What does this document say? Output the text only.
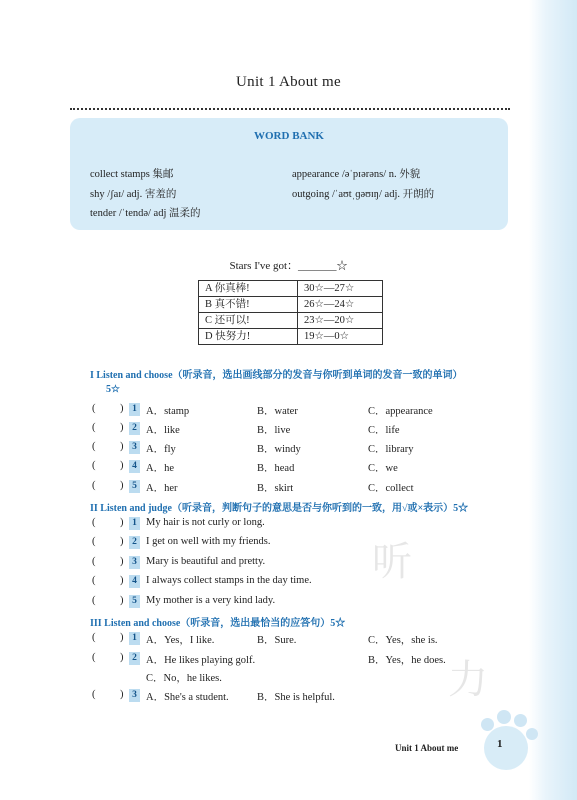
听
力
Unit 1 About me
WORD BANK
collect stamps 集邮	appearance /əˈpɪərəns/ n. 外貌
shy /ʃaɪ/ adj. 害羞的	outgoing /ˈaʊtˌɡəʊɪŋ/ adj. 开朗的
tender /ˈtendə/ adj 温柔的
Stars I've got：_______☆
A 你真棒!	30☆—27☆
B 真不错!	26☆—24☆
C 还可以!	23☆—20☆
D 快努力!	19☆—0☆
I Listen and choose（听录音，选出画线部分的发音与你听到单词的发音一致的单词）
5☆
( ) 1 A．stamp	B．water	C．appearance
( ) 2 A．like	B．live	C．life
( ) 3 A．fly	B．windy	C．library
( ) 4 A．he	B．head	C．we
( ) 5 A．her	B．skirt	C．collect
II Listen and judge（听录音，判断句子的意思是否与你听到的一致，用√或×表示）5☆
( ) 1 My hair is not curly or long.
( ) 2 I get on well with my friends.
( ) 3 Mary is beautiful and pretty.
( ) 4 I always collect stamps in the day time.
( ) 5 My mother is a very kind lady.
III Listen and choose（听录音，选出最恰当的应答句）5☆
( ) 1 A．Yes，I like.	B．Sure.	C．Yes，she is.
( ) 2 A．He likes playing golf.	B．Yes，he does.
C．No，he likes.
( ) 3 A．She's a student.	B．She is helpful.
Unit 1 About me	1
